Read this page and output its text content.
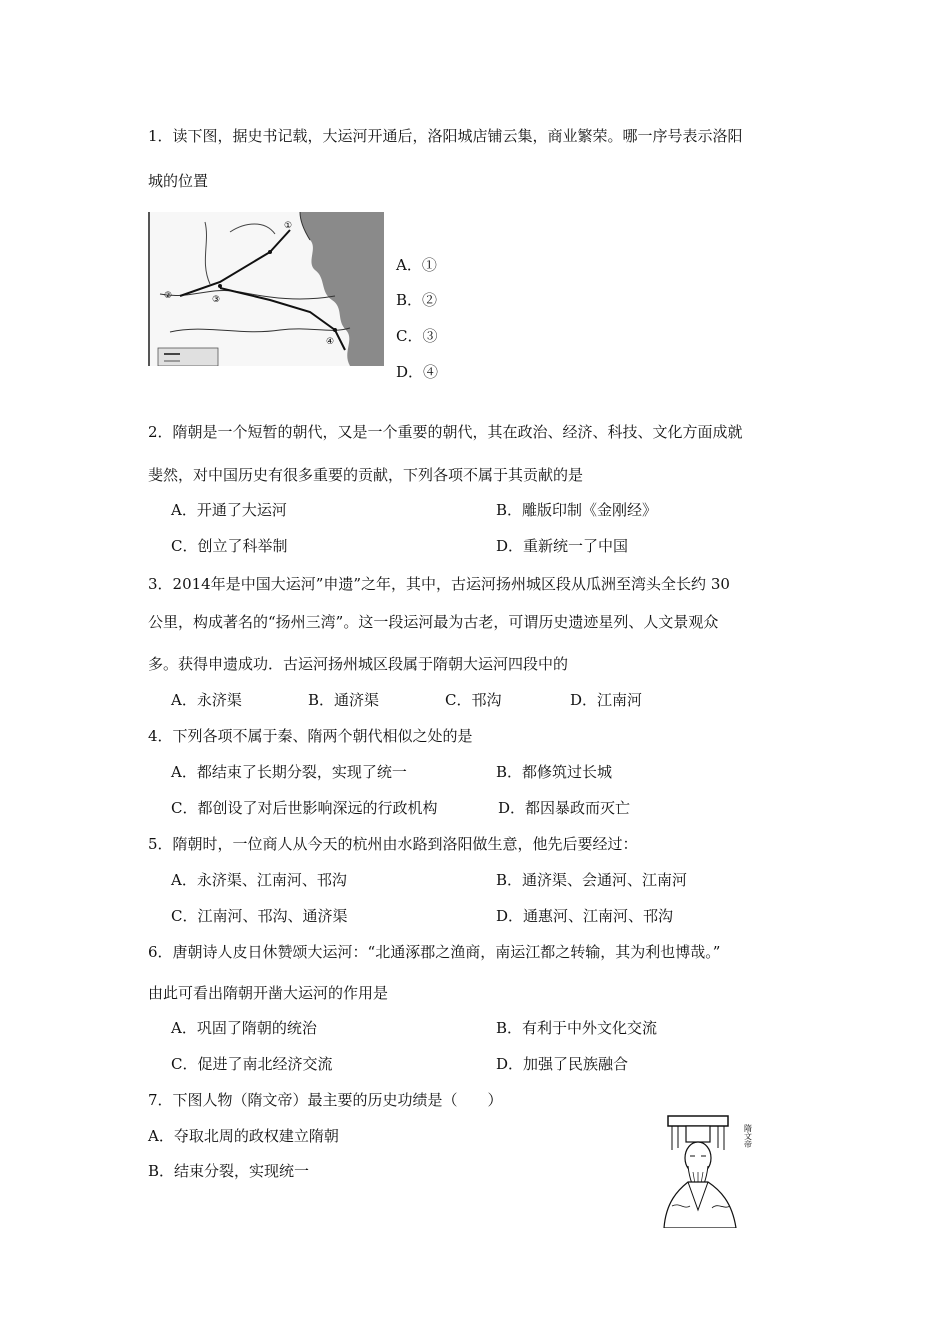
1．读下图，据史书记载，大运河开通后，洛阳城店铺云集，商业繁荣。哪一序号表示洛阳
城的位置
①
②	③
④
A．①
B．②
C．③
D．④
2．隋朝是一个短暂的朝代，又是一个重要的朝代，其在政治、经济、科技、文化方面成就
斐然，对中国历史有很多重要的贡献，下列各项不属于其贡献的是
A．开通了大运河	B．雕版印制《金刚经》
C．创立了科举制	D．重新统一了中国
3．2014年是中国大运河”申遗”之年，其中，古运河扬州城区段从瓜洲至湾头全长约 30
公里，构成著名的“扬州三湾”。这一段运河最为古老，可谓历史遗迹星列、人文景观众
多。获得申遗成功．古运河扬州城区段属于隋朝大运河四段中的
A．永济渠	B．通济渠	C．邗沟	D．江南河
4．下列各项不属于秦、隋两个朝代相似之处的是
A．都结束了长期分裂，实现了统一	B．都修筑过长城
C．都创设了对后世影响深远的行政机构	D．都因暴政而灭亡
5．隋朝时，一位商人从今天的杭州由水路到洛阳做生意，他先后要经过：
A．永济渠、江南河、邗沟	B．通济渠、会通河、江南河
C．江南河、邗沟、通济渠	D．通惠河、江南河、邗沟
6．唐朝诗人皮日休赞颂大运河：“北通涿郡之渔商，南运江都之转输，其为利也博哉。”
由此可看出隋朝开凿大运河的作用是
A．巩固了隋朝的统治	B．有利于中外文化交流
C．促进了南北经济交流	D．加强了民族融合
7．下图人物（隋文帝）最主要的历史功绩是（　　）
A．夺取北周的政权建立隋朝
B．结束分裂，实现统一
隋文帝
